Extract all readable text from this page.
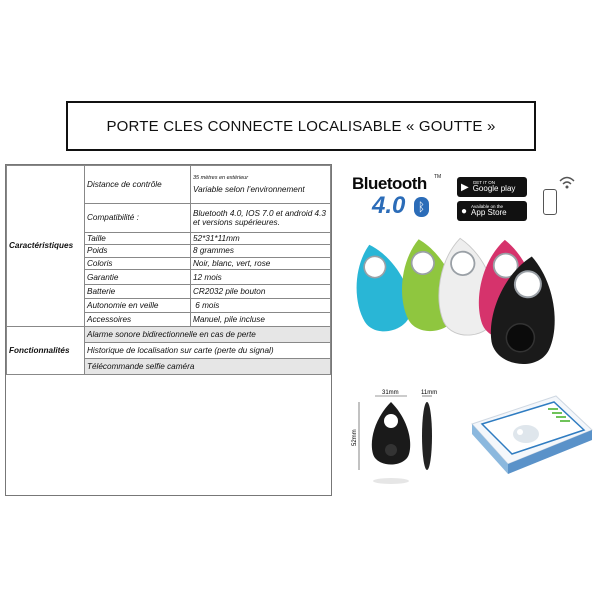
PORTE CLES CONNECTE LOCALISABLE « GOUTTE »
Caractéristiques	Distance de contrôle	35 mètres en extérieur
Variable selon l’environnement
	Compatibilité :	Bluetooth 4.0, IOS 7.0 et android 4.3 et versions supérieures.
	Taille	52*31*11mm
	Poids	8 grammes
	Coloris	Noir, blanc, vert, rose
	Garantie	12 mois
	Batterie	CR2032 pile bouton
	Autonomie en veille	6 mois
	Accessoires	Manuel, pile incluse
Fonctionnalités	Alarme sonore bidirectionnelle en cas de perte	
	Historique de localisation sur carte (perte du signal)	
	Télécommande selfie caméra	
Bluetooth TM
4.0	ᛒ
▶ GET IT ON
Google play
● Available on the
App Store
31mm	11mm
52mm
